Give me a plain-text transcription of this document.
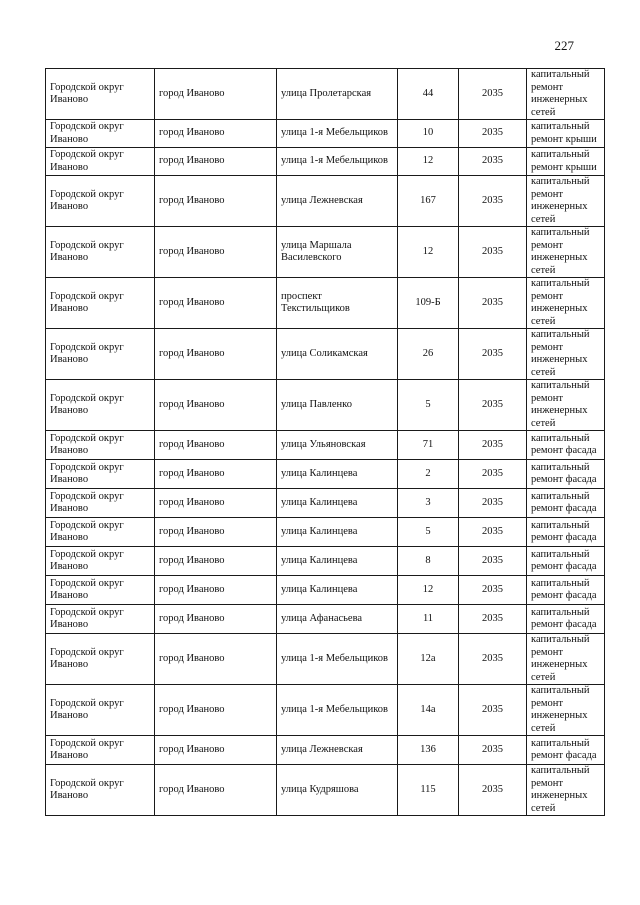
227
Городской округ Иваново	город Иваново	улица Пролетарская	44	2035	капитальный ремонт инженерных сетей
Городской округ Иваново	город Иваново	улица 1-я Мебельщиков	10	2035	капитальный ремонт крыши
Городской округ Иваново	город Иваново	улица 1-я Мебельщиков	12	2035	капитальный ремонт крыши
Городской округ Иваново	город Иваново	улица Лежневская	167	2035	капитальный ремонт инженерных сетей
Городской округ Иваново	город Иваново	улица Маршала Василевского	12	2035	капитальный ремонт инженерных сетей
Городской округ Иваново	город Иваново	проспект Текстильщиков	109-Б	2035	капитальный ремонт инженерных сетей
Городской округ Иваново	город Иваново	улица Соликамская	26	2035	капитальный ремонт инженерных сетей
Городской округ Иваново	город Иваново	улица Павленко	5	2035	капитальный ремонт инженерных сетей
Городской округ Иваново	город Иваново	улица Ульяновская	71	2035	капитальный ремонт фасада
Городской округ Иваново	город Иваново	улица Калинцева	2	2035	капитальный ремонт фасада
Городской округ Иваново	город Иваново	улица Калинцева	3	2035	капитальный ремонт фасада
Городской округ Иваново	город Иваново	улица Калинцева	5	2035	капитальный ремонт фасада
Городской округ Иваново	город Иваново	улица Калинцева	8	2035	капитальный ремонт фасада
Городской округ Иваново	город Иваново	улица Калинцева	12	2035	капитальный ремонт фасада
Городской округ Иваново	город Иваново	улица Афанасьева	11	2035	капитальный ремонт фасада
Городской округ Иваново	город Иваново	улица 1-я Мебельщиков	12а	2035	капитальный ремонт инженерных сетей
Городской округ Иваново	город Иваново	улица 1-я Мебельщиков	14а	2035	капитальный ремонт инженерных сетей
Городской округ Иваново	город Иваново	улица Лежневская	136	2035	капитальный ремонт фасада
Городской округ Иваново	город Иваново	улица Кудряшова	115	2035	капитальный ремонт инженерных сетей
